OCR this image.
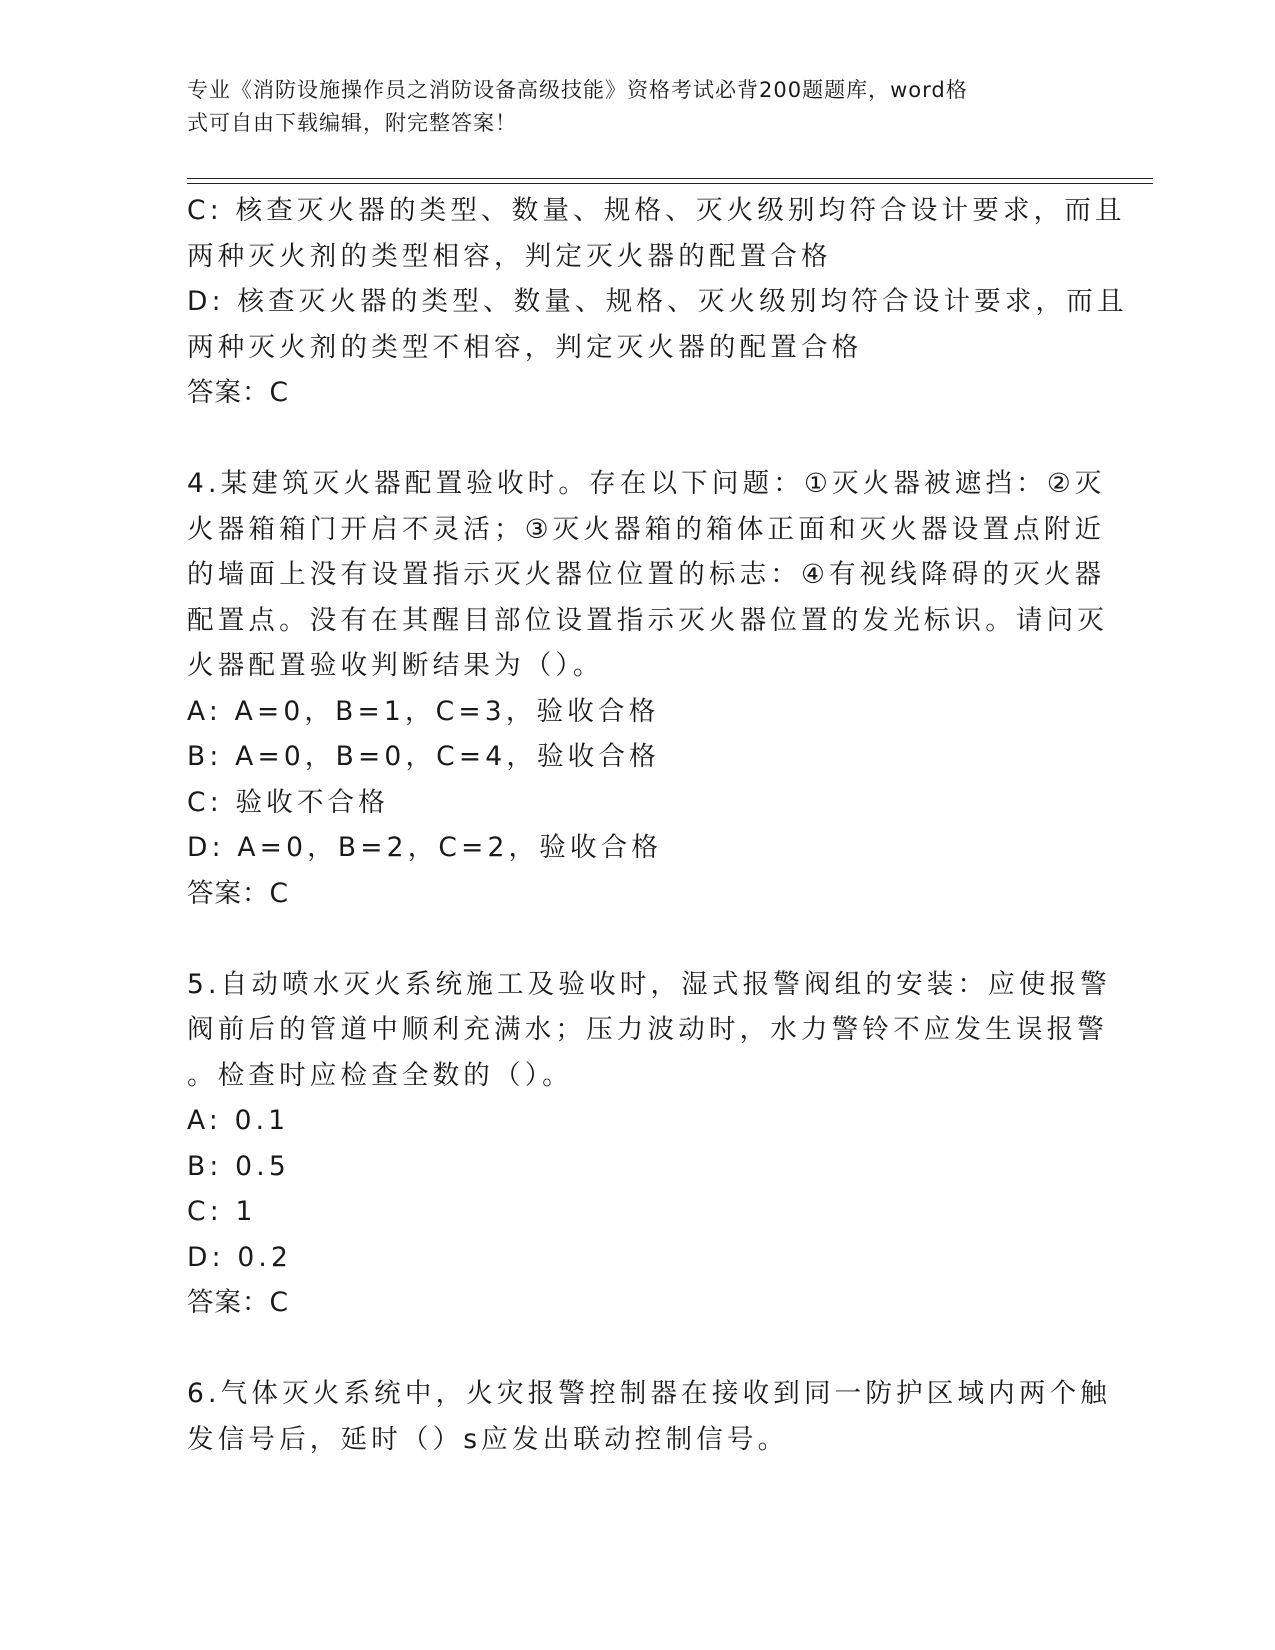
专业《消防设施操作员之消防设备高级技能》资格考试必背200题题库，word格
式可自由下载编辑，附完整答案！
C: 核查灭火器的类型、数量、规格、灭火级别均符合设计要求，而且
两种灭火剂的类型相容，判定灭火器的配置合格
D: 核查灭火器的类型、数量、规格、灭火级别均符合设计要求，而且
两种灭火剂的类型不相容，判定灭火器的配置合格
答案：C
4.某建筑灭火器配置验收时。存在以下问题：①灭火器被遮挡：②灭
火器箱箱门开启不灵活；③灭火器箱的箱体正面和灭火器设置点附近
的墙面上没有设置指示灭火器位位置的标志：④有视线降碍的灭火器
配置点。没有在其醒目部位设置指示灭火器位置的发光标识。请问灭
火器配置验收判断结果为（）。
A: A=0，B=1，C=3，验收合格
B: A=0，B=0，C=4，验收合格
C: 验收不合格
D: A=0，B=2，C=2，验收合格
答案：C
5.自动喷水灭火系统施工及验收时，湿式报警阀组的安装：应使报警
阀前后的管道中顺利充满水；压力波动时，水力警铃不应发生误报警
。检查时应检查全数的（）。
A: 0.1
B: 0.5
C: 1
D: 0.2
答案：C
6.气体灭火系统中，火灾报警控制器在接收到同一防护区域内两个触
发信号后，延时（）s应发出联动控制信号。
